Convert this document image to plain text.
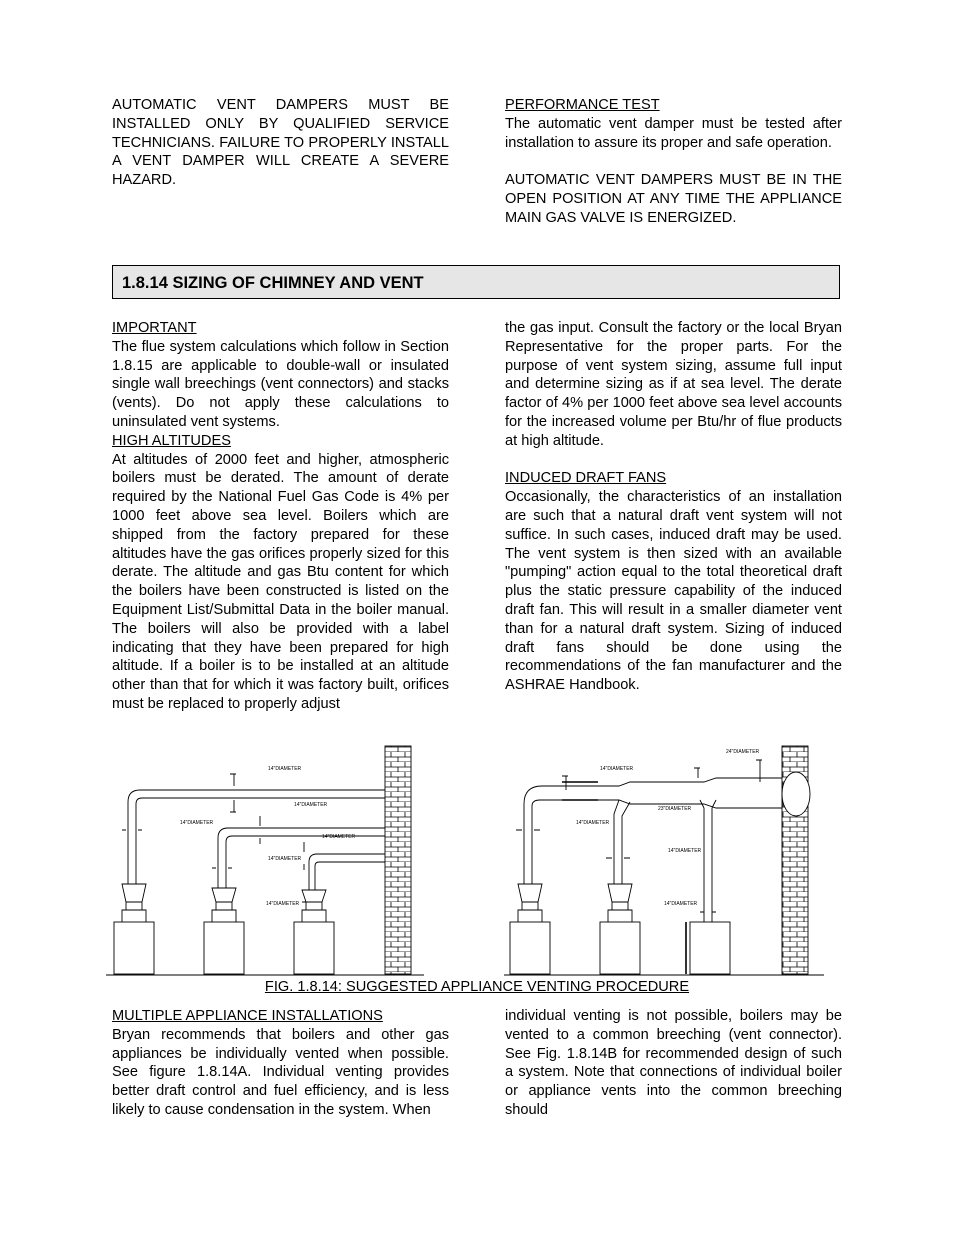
AUTOMATIC VENT DAMPERS MUST BE INSTALLED ONLY BY QUALIFIED SERVICE TECHNICIANS. FAILURE TO PROPERLY INSTALL A VENT DAMPER WILL CREATE A SEVERE HAZARD.

PERFORMANCE TEST

The automatic vent damper must be tested after installation to assure its proper and safe operation.

AUTOMATIC VENT DAMPERS MUST BE IN THE OPEN POSITION AT ANY TIME THE APPLIANCE MAIN GAS VALVE IS ENERGIZED.

1.8.14 SIZING OF CHIMNEY AND VENT

IMPORTANT

The flue system calculations which follow in Section 1.8.15 are applicable to double-wall or insulated single wall breechings (vent connectors) and stacks (vents). Do not apply these calculations to uninsulated vent systems.

HIGH ALTITUDES

At altitudes of 2000 feet and higher, atmospheric boilers must be derated. The amount of derate required by the National Fuel Gas Code is 4% per 1000 feet above sea level. Boilers which are shipped from the factory prepared for these altitudes have the gas orifices properly sized for this derate. The altitude and gas Btu content for which the boilers have been constructed is listed on the Equipment List/Submittal Data in the boiler manual. The boilers will also be provided with a label indicating that they have been prepared for high altitude. If a boiler is to be installed at an altitude other than that for which it was factory built, orifices must be replaced to properly adjust

the gas input. Consult the factory or the local Bryan Representative for the proper parts. For the purpose of vent system sizing, assume full input and determine sizing as if at sea level. The derate factor of 4% per 1000 feet above sea level accounts for the increased volume per Btu/hr of flue products at high altitude.

INDUCED DRAFT FANS

Occasionally, the characteristics of an installation are such that a natural draft vent system will not suffice. In such cases, induced draft may be used. The vent system is then sized with an available "pumping" action equal to the total theoretical draft plus the static pressure capability of the induced draft fan. This will result in a smaller diameter vent than for a natural draft system. Sizing of induced draft fans should be done using the recommendations of the fan manufacturer and the ASHRAE Handbook.

14"DIAMETER
14"DIAMETER
14"DIAMETER
14"DIAMETER
14"DIAMETER
14"DIAMETER
24"DIAMETER
14"DIAMETER
23"DIAMETER
14"DIAMETER
14"DIAMETER
14"DIAMETER
FIG. 1.8.14: SUGGESTED APPLIANCE VENTING PROCEDURE

MULTIPLE APPLIANCE INSTALLATIONS

Bryan recommends that boilers and other gas appliances be individually vented when possible. See figure 1.8.14A. Individual venting provides better draft control and fuel efficiency, and is less likely to cause condensation in the system. When

individual venting is not possible, boilers may be vented to a common breeching (vent connector). See Fig. 1.8.14B for recommended design of such a system. Note that connections of individual boiler or appliance vents into the common breeching should
